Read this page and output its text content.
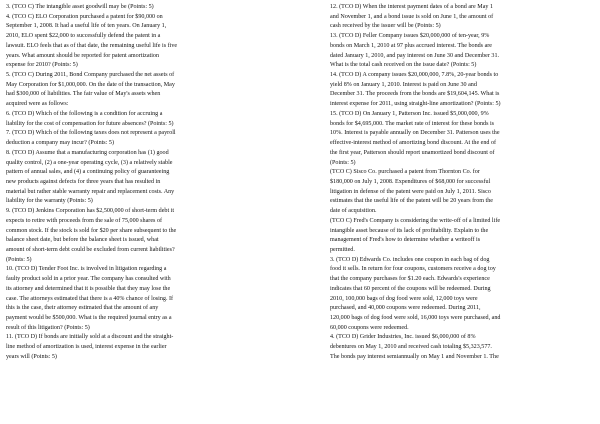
3. (TCO C) The intangible asset goodwill may be (Points: 5)
4. (TCO C) ELO Corporation purchased a patent for $90,000 on
September 1, 2008. It had a useful life of ten years. On January 1,
2010, ELO spent $22,000 to successfully defend the patent in a
lawsuit. ELO feels that as of that date, the remaining useful life is five
years. What amount should be reported for patent amortization
expense for 2010? (Points: 5)
5. (TCO C) During 2011, Bond Company purchased the net assets of
May Corporation for $1,000,000. On the date of the transaction, May
had $300,000 of liabilities. The fair value of May's assets when
acquired were as follows:
6. (TCO D) Which of the following is a condition for accruing a
liability for the cost of compensation for future absences? (Points: 5)
7. (TCO D) Which of the following taxes does not represent a payroll
deduction a company may incur? (Points: 5)
8. (TCO D) Assume that a manufacturing corporation has (1) good
quality control, (2) a one-year operating cycle, (3) a relatively stable
pattern of annual sales, and (4) a continuing policy of guaranteeing
new products against defects for three years that has resulted in
material but rather stable warranty repair and replacement costs. Any
liability for the warranty (Points: 5)
9. (TCO D) Jenkins Corporation has $2,500,000 of short-term debt it
expects to retire with proceeds from the sale of 75,000 shares of
common stock. If the stock is sold for $20 per share subsequent to the
balance sheet date, but before the balance sheet is issued, what
amount of short-term debt could be excluded from current liabilities?
(Points: 5)
10. (TCO D) Tender Foot Inc. is involved in litigation regarding a
faulty product sold in a prior year. The company has consulted with
its attorney and determined that it is possible that they may lose the
case. The attorneys estimated that there is a 40% chance of losing. If
this is the case, their attorney estimated that the amount of any
payment would be $500,000. What is the required journal entry as a
result of this litigation? (Points: 5)
11. (TCO D) If bonds are initially sold at a discount and the straight-
line method of amortization is used, interest expense in the earlier
years will (Points: 5)
12. (TCO D) When the interest payment dates of a bond are May 1
and November 1, and a bond issue is sold on June 1, the amount of
cash received by the issuer will be (Points: 5)
13. (TCO D) Feller Company issues $20,000,000 of ten-year, 9%
bonds on March 1, 2010 at 97 plus accrued interest. The bonds are
dated January 1, 2010, and pay interest on June 30 and December 31.
What is the total cash received on the issue date? (Points: 5)
14. (TCO D) A company issues $20,000,000, 7.8%, 20-year bonds to
yield 8% on January 1, 2010. Interest is paid on June 30 and
December 31. The proceeds from the bonds are $19,604,145. What is
interest expense for 2011, using straight-line amortization? (Points: 5)
15. (TCO D) On January 1, Patterson Inc. issued $5,000,000, 9%
bonds for $4,695,000. The market rate of interest for these bonds is
10%. Interest is payable annually on December 31. Patterson uses the
effective-interest method of amortizing bond discount. At the end of
the first year, Patterson should report unamortized bond discount of
(Points: 5)
(TCO C) Sisco Co. purchased a patent from Thornton Co. for
$180,000 on July 1, 2008. Expenditures of $68,000 for successful
litigation in defense of the patent were paid on July 1, 2011. Sisco
estimates that the useful life of the patent will be 20 years from the
date of acquisition.
(TCO C) Fred's Company is considering the write-off of a limited life
intangible asset because of its lack of profitability. Explain to the
management of Fred's how to determine whether a writeoff is
permitted.
3. (TCO D) Edwards Co. includes one coupon in each bag of dog
food it sells. In return for four coupons, customers receive a dog toy
that the company purchases for $1.20 each. Edwards's experience
indicates that 60 percent of the coupons will be redeemed. During
2010, 100,000 bags of dog food were sold, 12,000 toys were
purchased, and 40,000 coupons were redeemed. During 2011,
120,000 bags of dog food were sold, 16,000 toys were purchased, and
60,000 coupons were redeemed.
4. (TCO D) Grider Industries, Inc. issued $6,000,000 of 8%
debentures on May 1, 2010 and received cash totaling $5,323,577.
The bonds pay interest semiannually on May 1 and November 1. The
